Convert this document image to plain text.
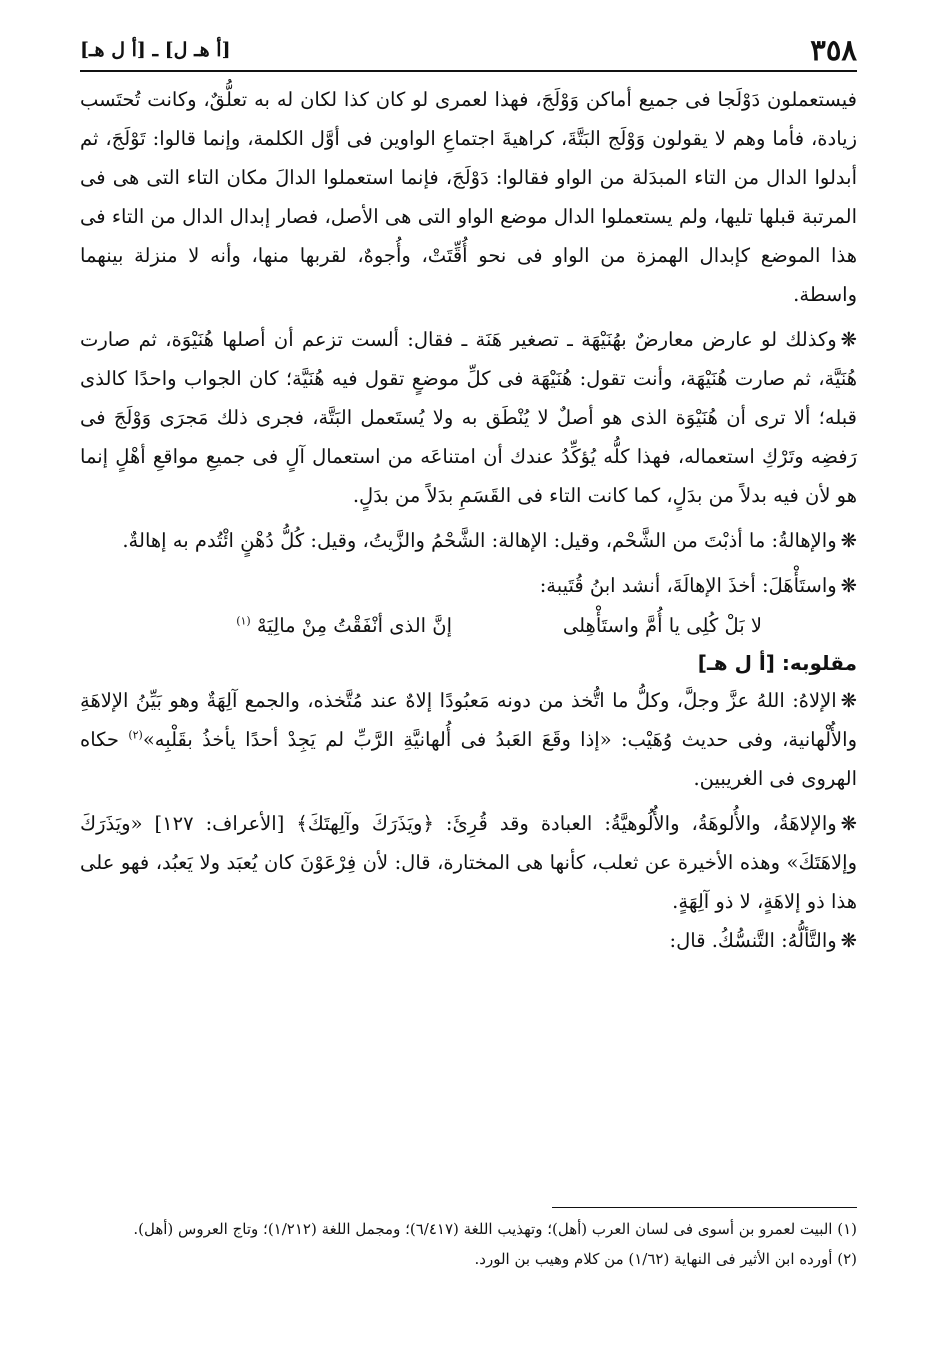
٣٥٨
[أ هـ ل] ـ [أ ل هـ]

فيستعملون دَوْلَجا فى جميع أماكن وَوْلَجَ، فهذا لعمرى لو كان كذا لكان له به تعلُّقٌ، وكانت تُحتَسب زيادة، فأما وهم لا يقولون وَوْلَج البَتَّةَ، كراهيةَ اجتماعِ الواوين فى أوَّل الكلمة، وإنما قالوا: تَوْلَجَ، ثم أبدلوا الدال من التاء المبدَلة من الواو فقالوا: دَوْلَجَ، فإنما استعملوا الدالَ مكان التاء التى هى فى المرتبة قبلها تليها، ولم يستعملوا الدال موضع الواو التى هى الأصل، فصار إبدال الدال من التاء فى هذا الموضع كإبدال الهمزة من الواو فى نحو أُقِّتَتْ، وأُجوهٌ، لقربها منها، وأنه لا منزلة بينهما واسطة.

❋وكذلك لو عارض معارضٌ بهُنَيْهَة ـ تصغير هَنَة ـ فقال: ألست تزعم أن أصلها هُنَيْوَة، ثم صارت هُنَيَّة، ثم صارت هُنَيْهَة، وأنت تقول: هُنَيْهَة فى كلِّ موضعٍ تقول فيه هُنَيَّة؛ كان الجواب واحدًا كالذى قبله؛ ألا ترى أن هُنَيْوَة الذى هو أصلٌ لا يُنْطَق به ولا يُستَعمل البَتَّة، فجرى ذلك مَجرَى وَوْلَجَ فى رَفضِه وتَرْكِ استعماله، فهذا كلُّه يُؤكِّدُ عندك أن امتناعَه من استعمال آلٍ فى جميعِ مواقعِ أهْلٍ إنما هو لأن فيه بدلاً من بدَلٍ، كما كانت التاء فى القَسَمِ بدَلاً من بدَلٍ.

❋والإهالةُ: ما أذبْتَ من الشَّحْم، وقيل: الإهالة: الشَّحْمُ والزَّيتُ، وقيل: كُلُّ دُهْنٍ ائْتُدم به إهالةٌ.

❋واستَأْهَلَ: أخذَ الإهالَةَ، أنشد ابنُ قُتَيبة:

لا بَلْ كُلِى يا أُمَّ واستَأْهِلى
إنَّ الذى أنْفَقْتُ مِنْ مالِيَهْ $^{(١)}$
مقلوبه: [أ ل هـ]

❋الإلاهُ: اللهُ عزَّ وجلَّ، وكلُّ ما اتُّخذ من دونه مَعبُودًا إلاهٌ عند مُتَّخذه، والجمع آلِهَةٌ وهو بَيِّنُ الإلاهَةِ والأُلْهانية، وفى حديث وُهَيْب: «إذا وقَعَ العَبدُ فى أُلهانيَّةِ الرَّبِّ لم يَجِدْ أحدًا يأخذُ بقَلْبِه»$^{(٢)}$ حكاه الهروى فى الغريبين.

❋والإلاهَةُ، والأُلوهَةُ، والأُلُوهيَّةُ: العبادة وقد قُرِئَ: ﴿ويَذَرَكَ وآلِهتَكَ﴾ [الأعراف: ١٢٧] «ويَذَرَكَ وإلاهَتَكَ» وهذه الأخيرة عن ثعلب، كأنها هى المختارة، قال: لأن فِرْعَوْنَ كان يُعبَد ولا يَعبُد، فهو على هذا ذو إلاهَةٍ، لا ذو آلِهَةٍ.

❋والتَّألُّهُ: التَّنسُّكُ. قال:

(١) البيت لعمرو بن أسوى فى لسان العرب (أهل)؛ وتهذيب اللغة (٦/٤١٧)؛ ومجمل اللغة (١/٢١٢)؛ وتاج العروس (أهل).

(٢) أورده ابن الأثير فى النهاية (١/٦٢) من كلام وهيب بن الورد.
